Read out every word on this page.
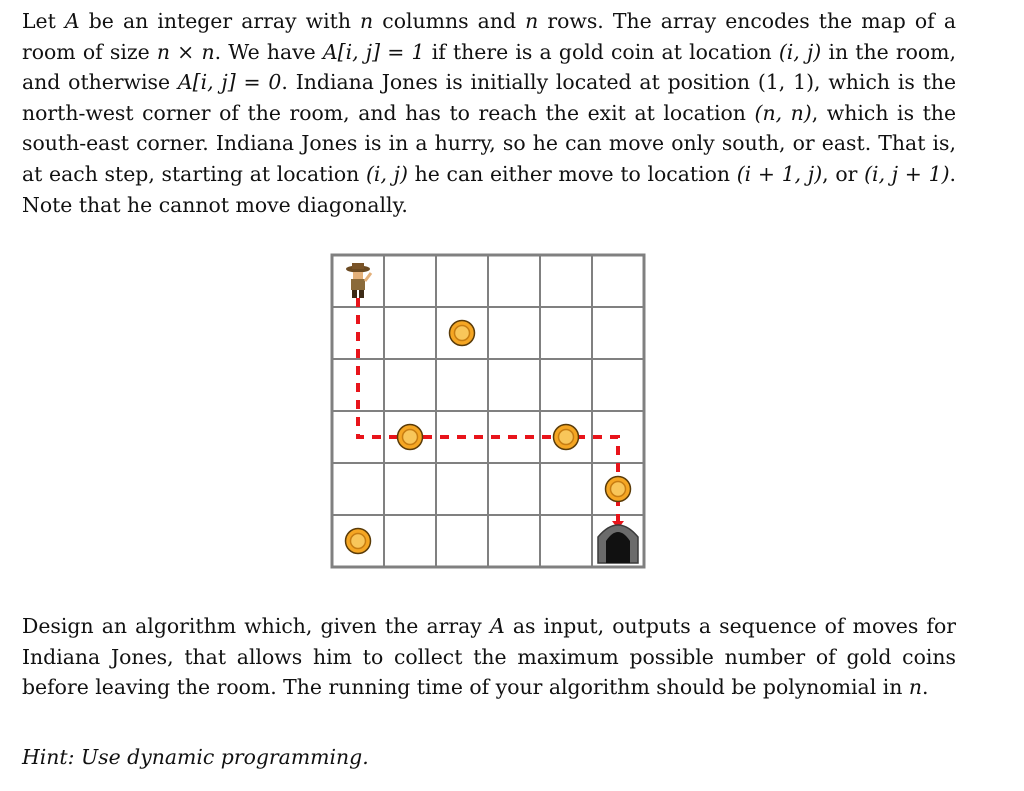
Let A be an integer array with n columns and n rows. The array encodes the map of a room of size n × n. We have A[i, j] = 1 if there is a gold coin at location (i, j) in the room, and otherwise A[i, j] = 0. Indiana Jones is initially located at position (1, 1), which is the north-west corner of the room, and has to reach the exit at location (n, n), which is the south-east corner. Indiana Jones is in a hurry, so he can move only south, or east. That is, at each step, starting at location (i, j) he can either move to location (i + 1, j), or (i, j + 1). Note that he cannot move diagonally.

Design an algorithm which, given the array A as input, outputs a sequence of moves for Indiana Jones, that allows him to collect the maximum possible number of gold coins before leaving the room. The running time of your algorithm should be polynomial in n.

Hint: Use dynamic programming.
